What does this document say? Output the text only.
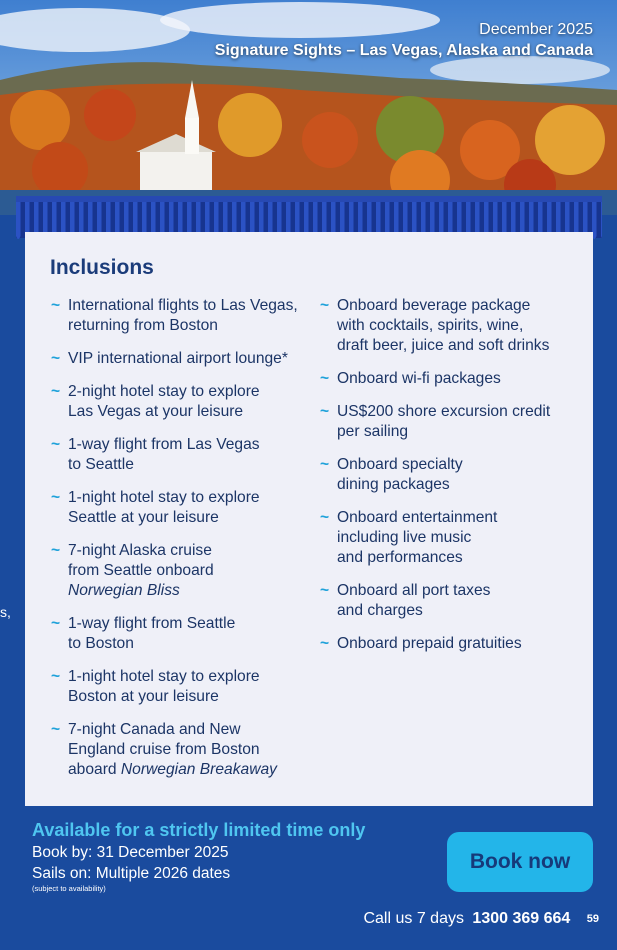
December 2025
Signature Sights – Las Vegas, Alaska and Canada
s,
Inclusions
~ International flights to Las Vegas,
returning from Boston
~ VIP international airport lounge*
~ 2-night hotel stay to explore
Las Vegas at your leisure
~ 1-way flight from Las Vegas
to Seattle
~ 1-night hotel stay to explore
Seattle at your leisure
~ 7-night Alaska cruise
from Seattle onboard
Norwegian Bliss
~ 1-way flight from Seattle
to Boston
~ 1-night hotel stay to explore
Boston at your leisure
~ 7-night Canada and New
England cruise from Boston
aboard Norwegian Breakaway
~ Onboard beverage package
with cocktails, spirits, wine,
draft beer, juice and soft drinks
~ Onboard wi-fi packages
~ US$200 shore excursion credit
per sailing
~ Onboard specialty
dining packages
~ Onboard entertainment
including live music
and performances
~ Onboard all port taxes
and charges
~ Onboard prepaid gratuities
Available for a strictly limited time only
Book by: 31 December 2025
Sails on: Multiple 2026 dates
(subject to availability)
Book now
Call us 7 days 1300 369 664 59
